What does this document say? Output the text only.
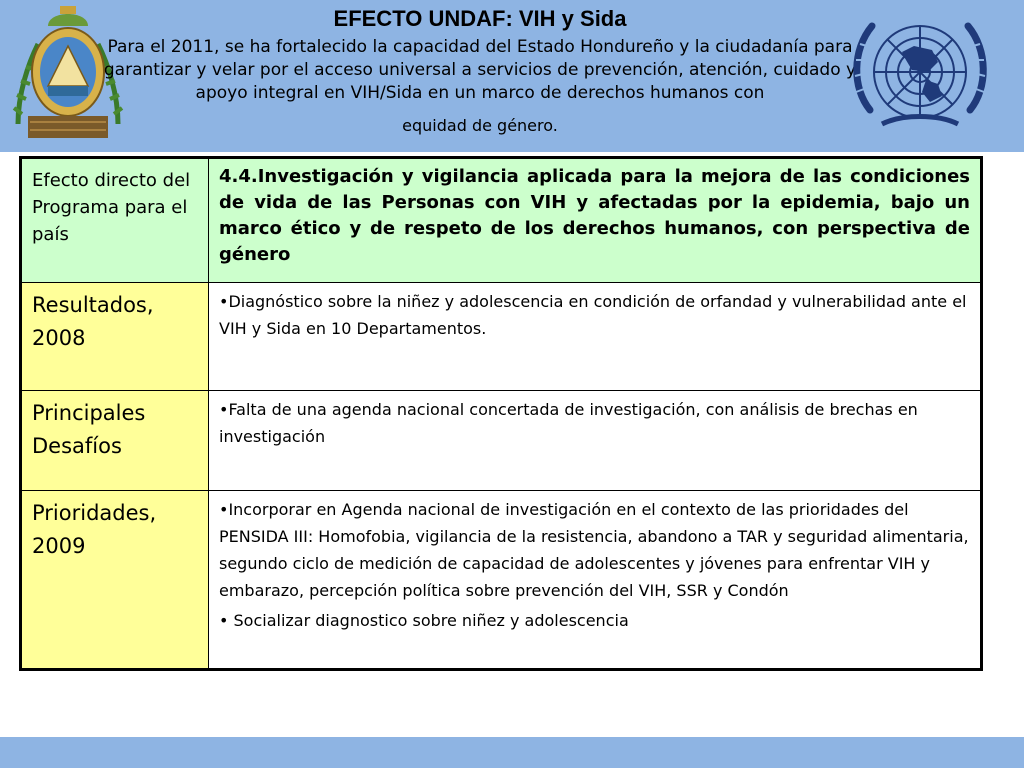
EFECTO UNDAF: VIH y Sida
Para el 2011, se ha fortalecido la capacidad del Estado Hondureño y la ciudadanía para garantizar y velar por el acceso universal a servicios de prevención, atención, cuidado y apoyo integral en VIH/Sida en un marco de derechos humanos con
equidad de género.
Efecto directo del Programa para el país	4.4.Investigación y vigilancia aplicada para la mejora de las condiciones de vida de las Personas con VIH y afectadas por la epidemia, bajo un marco ético y de respeto de los derechos humanos, con perspectiva de género
Resultados, 2008	•Diagnóstico sobre la niñez y adolescencia en condición de orfandad y vulnerabilidad ante el VIH y Sida en 10 Departamentos.

Principales Desafíos	•Falta de una agenda nacional concertada de investigación, con análisis de brechas en investigación

Prioridades, 2009	•Incorporar en Agenda nacional de investigación en el contexto de las prioridades del PENSIDA III: Homofobia, vigilancia de la resistencia, abandono a TAR y seguridad alimentaria, segundo ciclo de medición de capacidad de adolescentes y jóvenes para enfrentar VIH y embarazo, percepción política sobre prevención del VIH, SSR y Condón

• Socializar diagnostico sobre niñez y adolescencia
